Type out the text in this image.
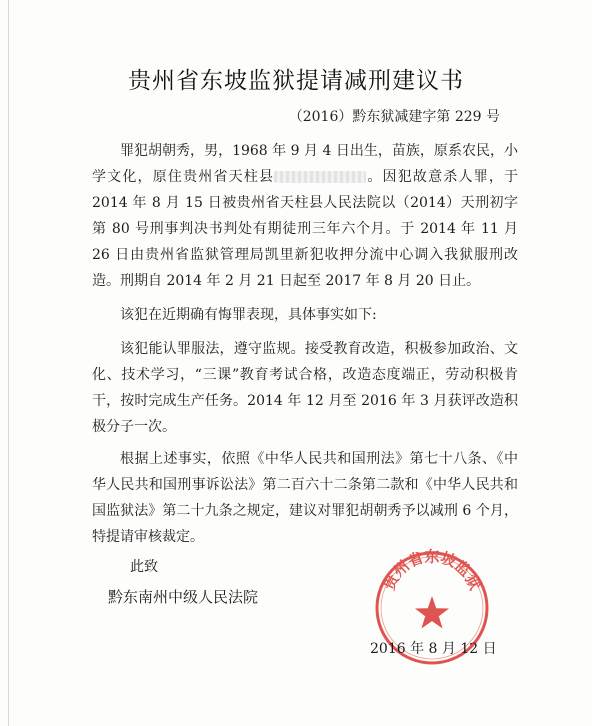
贵州省东坡监狱提请减刑建议书
（2016）黔东狱减建字第 229 号
罪犯胡朝秀，男，1968 年 9 月 4 日出生，苗族，原系农民，小学文化，原住贵州省天柱县	。因犯故意杀人罪，于 2014 年 8 月 15 日被贵州省天柱县人民法院以（2014）天刑初字第 80 号刑事判决书判处有期徒刑三年六个月。于 2014 年 11 月 26 日由贵州省监狱管理局凯里新犯收押分流中心调入我狱服刑改造。刑期自 2014 年 2 月 21 日起至 2017 年 8 月 20 日止。
该犯在近期确有悔罪表现，具体事实如下:
该犯能认罪服法，遵守监规。接受教育改造，积极参加政治、文化、技术学习，“三课”教育考试合格，改造态度端正，劳动积极肯干，按时完成生产任务。2014 年 12 月至 2016 年 3 月获评改造积极分子一次。
根据上述事实，依照《中华人民共和国刑法》第七十八条、《中华人民共和国刑事诉讼法》第二百六十二条第二款和《中华人民共和国监狱法》第二十九条之规定，建议对罪犯胡朝秀予以减刑 6 个月，特提请审核裁定。
此致
黔东南州中级人民法院
贵州省东坡监狱
2016 年 8 月 12 日
